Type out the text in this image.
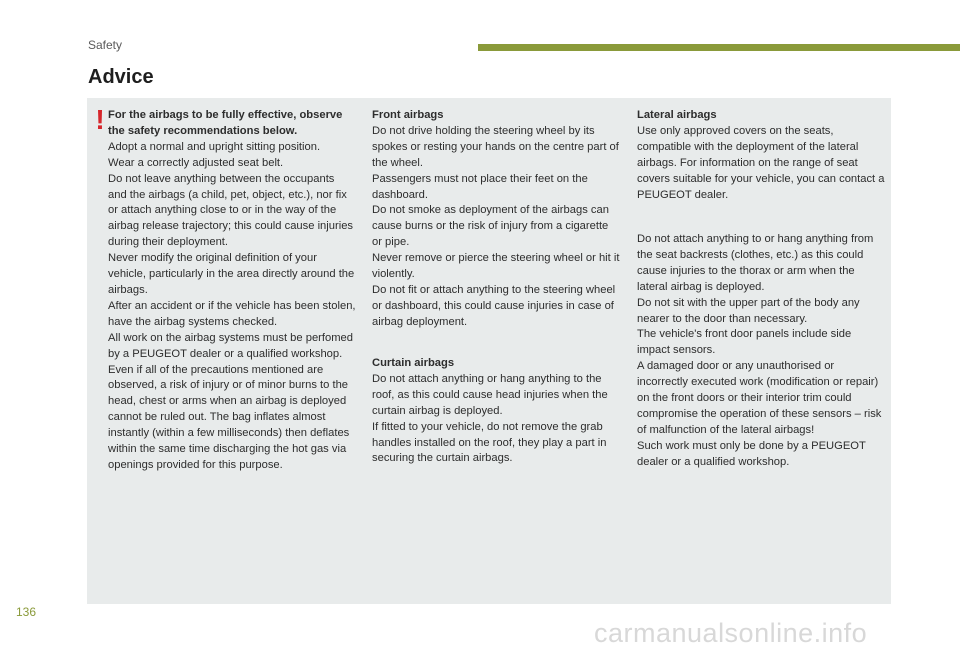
Safety
Advice
! For the airbags to be fully effective, observe the safety recommendations below.

Adopt a normal and upright sitting position.

Wear a correctly adjusted seat belt.

Do not leave anything between the occupants and the airbags (a child, pet, object, etc.), nor fix or attach anything close to or in the way of the airbag release trajectory; this could cause injuries during their deployment.

Never modify the original definition of your vehicle, particularly in the area directly around the airbags.

After an accident or if the vehicle has been stolen, have the airbag systems checked.

All work on the airbag systems must be perfomed by a PEUGEOT dealer or a qualified workshop.

Even if all of the precautions mentioned are observed, a risk of injury or of minor burns to the head, chest or arms when an airbag is deployed cannot be ruled out. The bag inflates almost instantly (within a few milliseconds) then deflates within the same time discharging the hot gas via openings provided for this purpose.

Front airbags

Do not drive holding the steering wheel by its spokes or resting your hands on the centre part of the wheel.

Passengers must not place their feet on the dashboard.

Do not smoke as deployment of the airbags can cause burns or the risk of injury from a cigarette or pipe.

Never remove or pierce the steering wheel or hit it violently.

Do not fit or attach anything to the steering wheel or dashboard, this could cause injuries in case of airbag deployment.

Curtain airbags

Do not attach anything or hang anything to the roof, as this could cause head injuries when the curtain airbag is deployed.

If fitted to your vehicle, do not remove the grab handles installed on the roof, they play a part in securing the curtain airbags.

Lateral airbags

Use only approved covers on the seats, compatible with the deployment of the lateral airbags. For information on the range of seat covers suitable for your vehicle, you can contact a PEUGEOT dealer.

Do not attach anything to or hang anything from the seat backrests (clothes, etc.) as this could cause injuries to the thorax or arm when the lateral airbag is deployed.

Do not sit with the upper part of the body any nearer to the door than necessary.

The vehicle's front door panels include side impact sensors.

A damaged door or any unauthorised or incorrectly executed work (modification or repair) on the front doors or their interior trim could compromise the operation of these sensors – risk of malfunction of the lateral airbags!

Such work must only be done by a PEUGEOT dealer or a qualified workshop.

136
carmanualsonline.info
